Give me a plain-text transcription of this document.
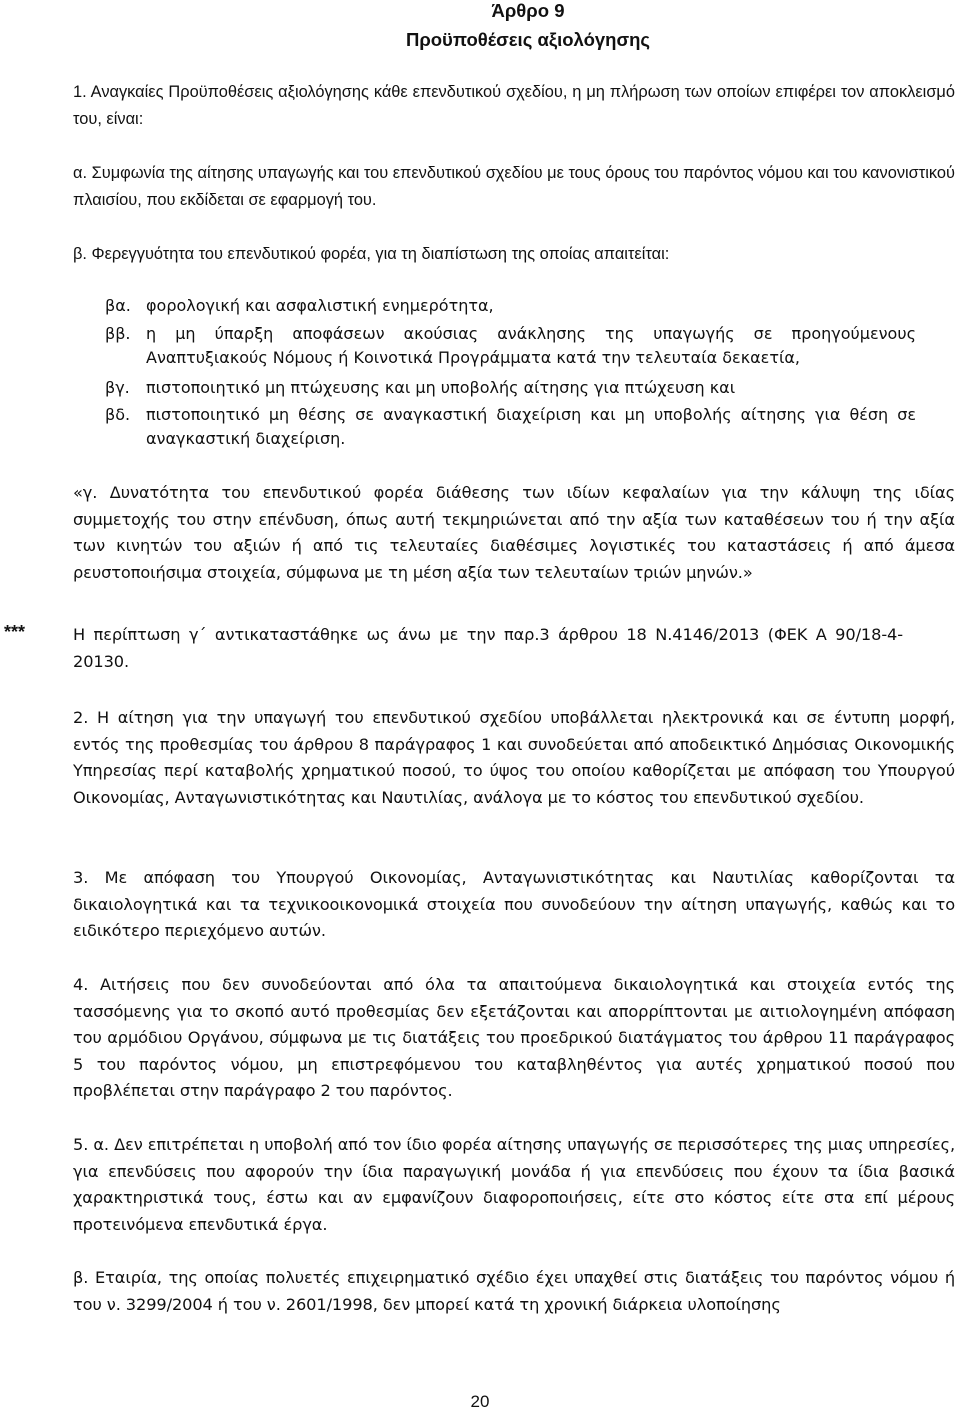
Άρθρο 9
Προϋποθέσεις αξιολόγησης

1. Αναγκαίες Προϋποθέσεις αξιολόγησης κάθε επενδυτικού σχεδίου, η μη πλήρωση των οποίων επιφέρει τον αποκλεισμό του, είναι:

α. Συμφωνία της αίτησης υπαγωγής και του επενδυτικού σχεδίου με τους όρους του παρόντος νόμου και του κανονιστικού πλαισίου, που εκδίδεται σε εφαρμογή του.

β. Φερεγγυότητα του επενδυτικού φορέα, για τη διαπίστωση της οποίας απαιτείται:

βα. φορολογική και ασφαλιστική ενημερότητα,
ββ. η μη ύπαρξη αποφάσεων ακούσιας ανάκλησης της υπαγωγής σε προηγούμενους Αναπτυξιακούς Νόμους ή Κοινοτικά Προγράμματα κατά την τελευταία δεκαετία,
βγ. πιστοποιητικό μη πτώχευσης και μη υποβολής αίτησης για πτώχευση και
βδ. πιστοποιητικό μη θέσης σε αναγκαστική διαχείριση και μη υποβολής αίτησης για θέση σε αναγκαστική διαχείριση.

«γ. Δυνατότητα του επενδυτικού φορέα διάθεσης των ιδίων κεφαλαίων για την κάλυψη της ιδίας συμμετοχής του στην επένδυση, όπως αυτή τεκμηριώνεται από την αξία των καταθέσεων του ή την αξία των κινητών του αξιών ή από τις τελευταίες διαθέσιμες λογιστικές του καταστάσεις ή από άμεσα ρευστοποιήσιμα στοιχεία, σύμφωνα με τη μέση αξία των τελευταίων τριών μηνών.»

***	Η περίπτωση γ΄ αντικαταστάθηκε ως άνω με την παρ.3 άρθρου 18 Ν.4146/2013 (ΦΕΚ Α 90/18-4-20130.

2. Η αίτηση για την υπαγωγή του επενδυτικού σχεδίου υποβάλλεται ηλεκτρονικά και σε έντυπη μορφή, εντός της προθεσμίας του άρθρου 8 παράγραφος 1 και συνοδεύεται από αποδεικτικό Δημόσιας Οικονομικής Υπηρεσίας περί καταβολής χρηματικού ποσού, το ύψος του οποίου καθορίζεται με απόφαση του Υπουργού Οικονομίας, Ανταγωνιστικότητας και Ναυτιλίας, ανάλογα με το κόστος του επενδυτικού σχεδίου.

3. Με απόφαση του Υπουργού Οικονομίας, Ανταγωνιστικότητας και Ναυτιλίας καθορίζονται τα δικαιολογητικά και τα τεχνικοοικονομικά στοιχεία που συνοδεύουν την αίτηση υπαγωγής, καθώς και το ειδικότερο περιεχόμενο αυτών.

4. Αιτήσεις που δεν συνοδεύονται από όλα τα απαιτούμενα δικαιολογητικά και στοιχεία εντός της τασσόμενης για το σκοπό αυτό προθεσμίας δεν εξετάζονται και απορρίπτονται με αιτιολογημένη απόφαση του αρμόδιου Οργάνου, σύμφωνα με τις διατάξεις του προεδρικού διατάγματος του άρθρου 11 παράγραφος 5 του παρόντος νόμου, μη επιστρεφόμενου του καταβληθέντος για αυτές χρηματικού ποσού που προβλέπεται στην παράγραφο 2 του παρόντος.

5. α. Δεν επιτρέπεται η υποβολή από τον ίδιο φορέα αίτησης υπαγωγής σε περισσότερες της μιας υπηρεσίες, για επενδύσεις που αφορούν την ίδια παραγωγική μονάδα ή για επενδύσεις που έχουν τα ίδια βασικά χαρακτηριστικά τους, έστω και αν εμφανίζουν διαφοροποιήσεις, είτε στο κόστος είτε στα επί μέρους προτεινόμενα επενδυτικά έργα.

β. Εταιρία, της οποίας πολυετές επιχειρηματικό σχέδιο έχει υπαχθεί στις διατάξεις του παρόντος νόμου ή του ν. 3299/2004 ή του ν. 2601/1998, δεν μπορεί κατά τη χρονική διάρκεια υλοποίησης

20
